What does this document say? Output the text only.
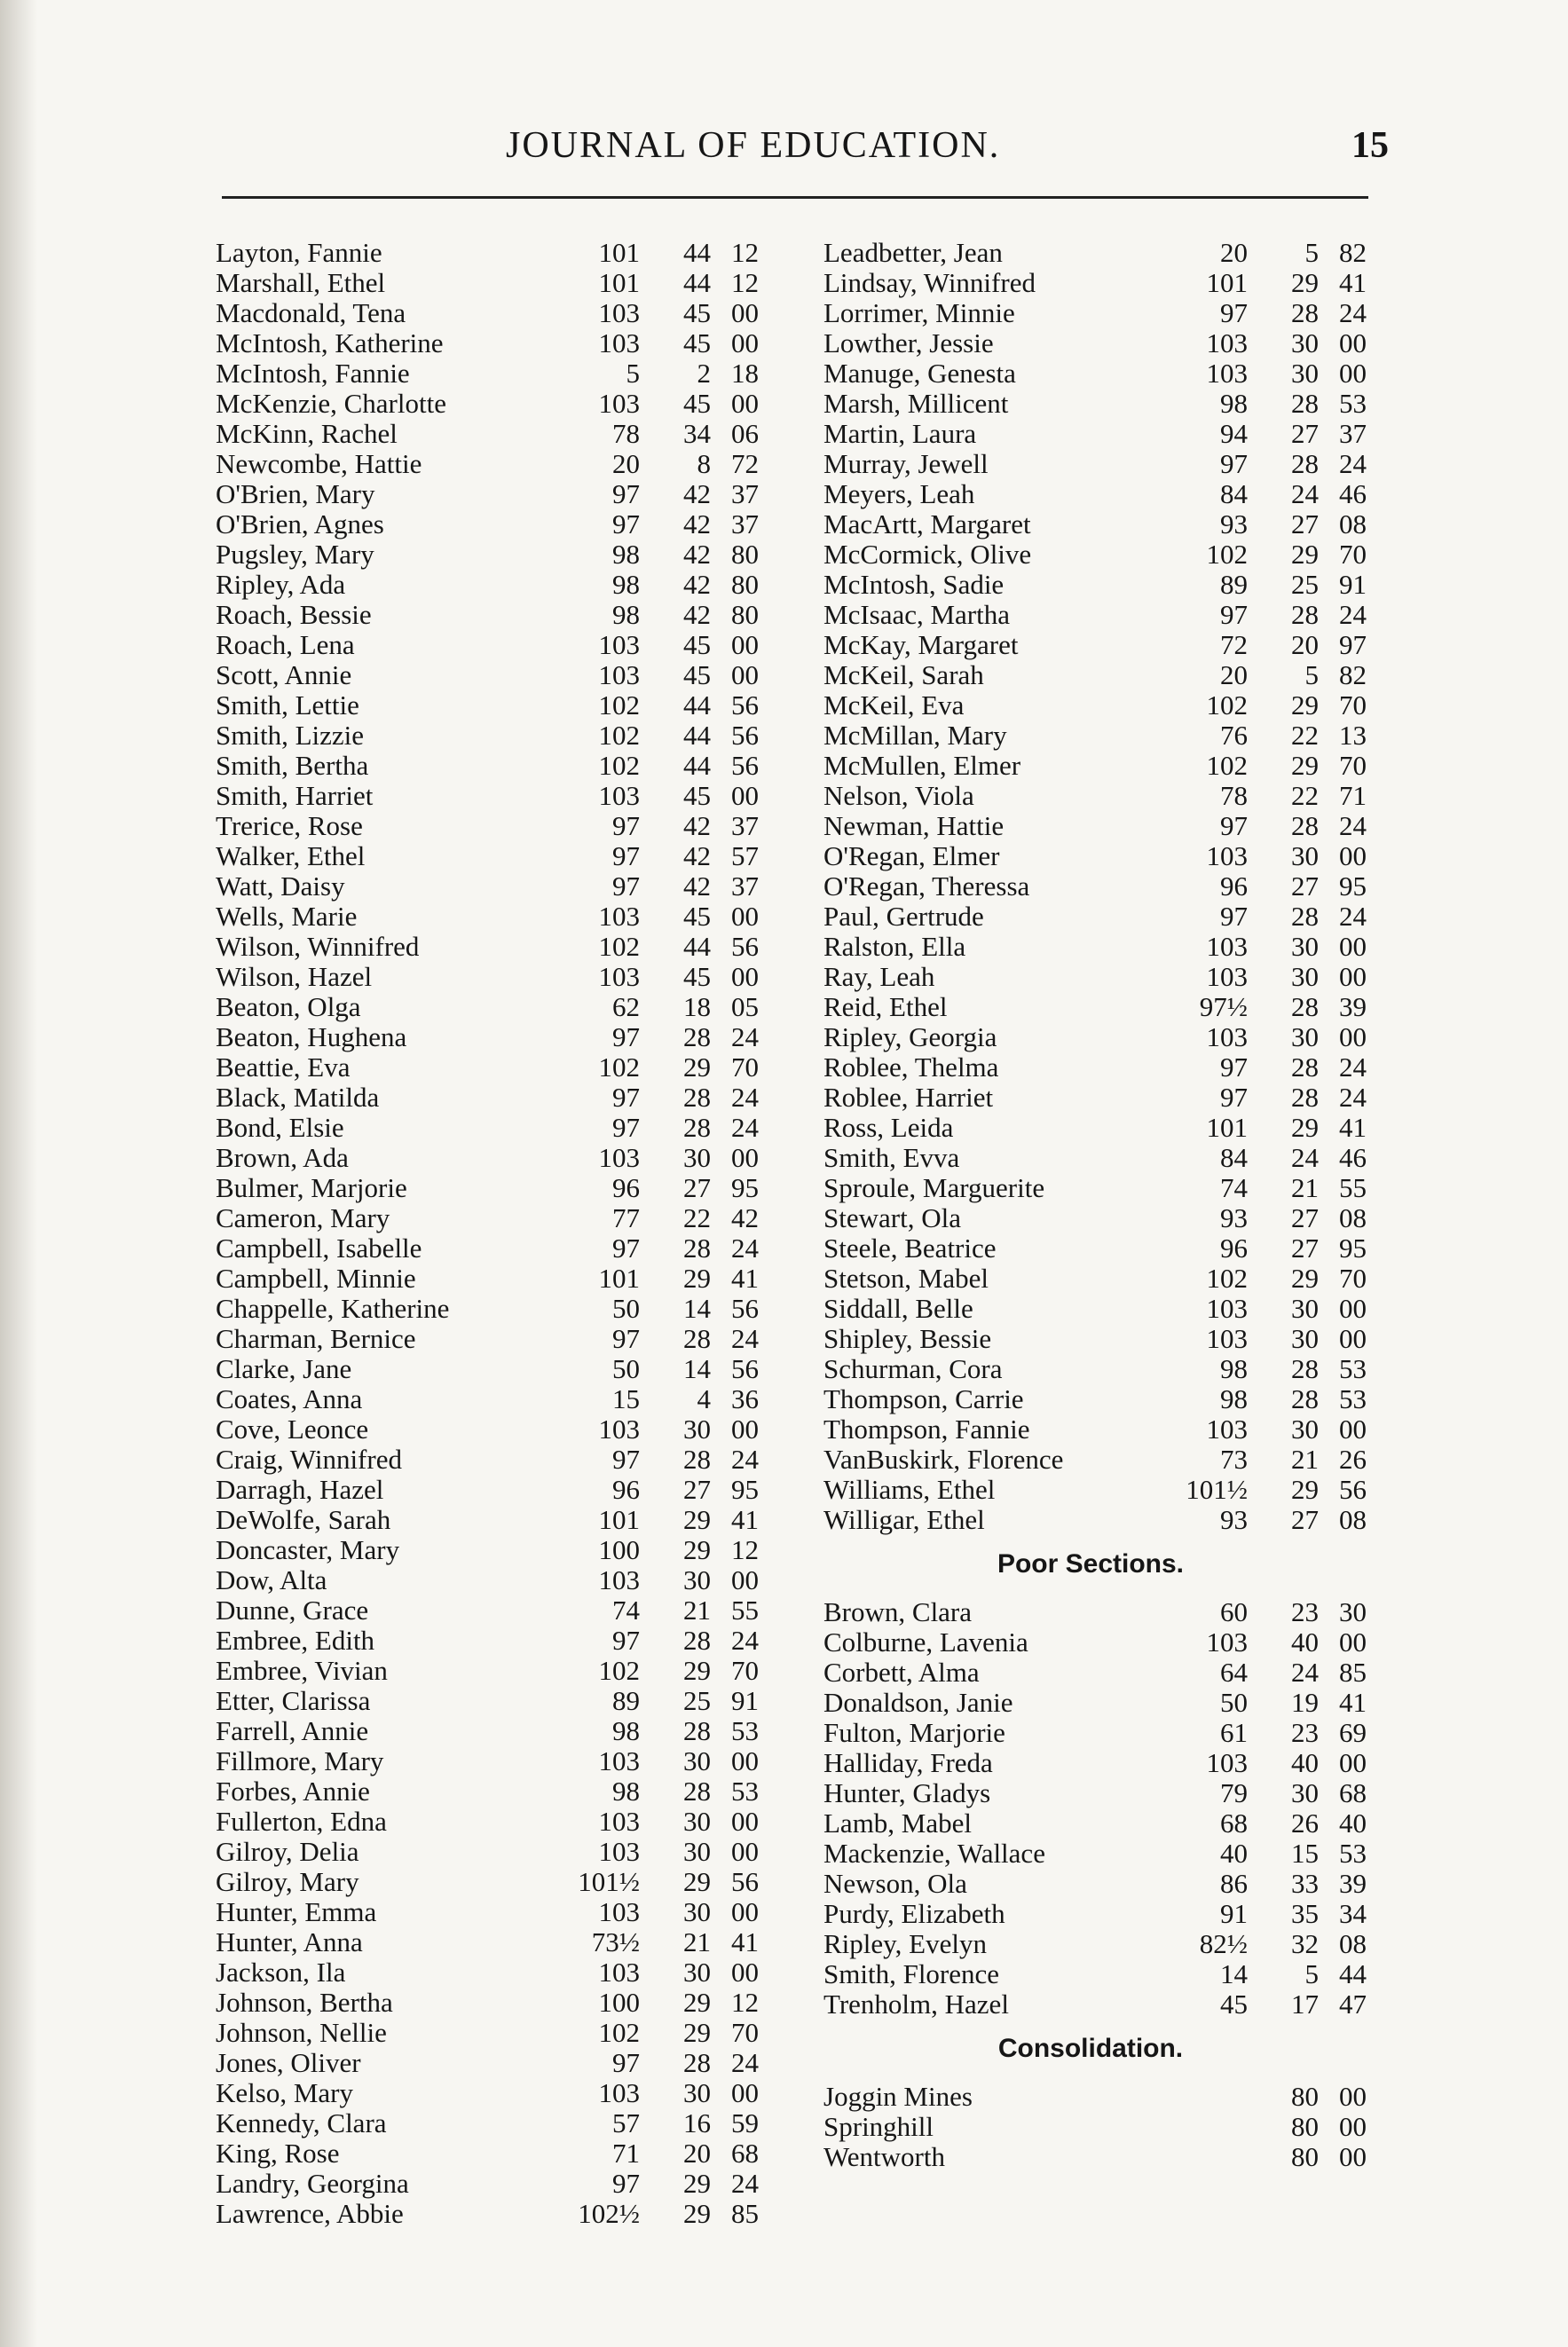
JOURNAL OF EDUCATION.	15
Layton, Fannie	101	44 12
Marshall, Ethel	101	44 12
Macdonald, Tena	103	45 00
McIntosh, Katherine	103	45 00
McIntosh, Fannie	5	2 18
McKenzie, Charlotte	103	45 00
McKinn, Rachel	78	34 06
Newcombe, Hattie	20	8 72
O'Brien, Mary	97	42 37
O'Brien, Agnes	97	42 37
Pugsley, Mary	98	42 80
Ripley, Ada	98	42 80
Roach, Bessie	98	42 80
Roach, Lena	103	45 00
Scott, Annie	103	45 00
Smith, Lettie	102	44 56
Smith, Lizzie	102	44 56
Smith, Bertha	102	44 56
Smith, Harriet	103	45 00
Trerice, Rose	97	42 37
Walker, Ethel	97	42 57
Watt, Daisy	97	42 37
Wells, Marie	103	45 00
Wilson, Winnifred	102	44 56
Wilson, Hazel	103	45 00
Beaton, Olga	62	18 05
Beaton, Hughena	97	28 24
Beattie, Eva	102	29 70
Black, Matilda	97	28 24
Bond, Elsie	97	28 24
Brown, Ada	103	30 00
Bulmer, Marjorie	96	27 95
Cameron, Mary	77	22 42
Campbell, Isabelle	97	28 24
Campbell, Minnie	101	29 41
Chappelle, Katherine	50	14 56
Charman, Bernice	97	28 24
Clarke, Jane	50	14 56
Coates, Anna	15	4 36
Cove, Leonce	103	30 00
Craig, Winnifred	97	28 24
Darragh, Hazel	96	27 95
DeWolfe, Sarah	101	29 41
Doncaster, Mary	100	29 12
Dow, Alta	103	30 00
Dunne, Grace	74	21 55
Embree, Edith	97	28 24
Embree, Vivian	102	29 70
Etter, Clarissa	89	25 91
Farrell, Annie	98	28 53
Fillmore, Mary	103	30 00
Forbes, Annie	98	28 53
Fullerton, Edna	103	30 00
Gilroy, Delia	103	30 00
Gilroy, Mary	101½	29 56
Hunter, Emma	103	30 00
Hunter, Anna	73½	21 41
Jackson, Ila	103	30 00
Johnson, Bertha	100	29 12
Johnson, Nellie	102	29 70
Jones, Oliver	97	28 24
Kelso, Mary	103	30 00
Kennedy, Clara	57	16 59
King, Rose	71	20 68
Landry, Georgina	97	29 24
Lawrence, Abbie	102½	29 85
Leadbetter, Jean	20	5 82
Lindsay, Winnifred	101	29 41
Lorrimer, Minnie	97	28 24
Lowther, Jessie	103	30 00
Manuge, Genesta	103	30 00
Marsh, Millicent	98	28 53
Martin, Laura	94	27 37
Murray, Jewell	97	28 24
Meyers, Leah	84	24 46
MacArtt, Margaret	93	27 08
McCormick, Olive	102	29 70
McIntosh, Sadie	89	25 91
McIsaac, Martha	97	28 24
McKay, Margaret	72	20 97
McKeil, Sarah	20	5 82
McKeil, Eva	102	29 70
McMillan, Mary	76	22 13
McMullen, Elmer	102	29 70
Nelson, Viola	78	22 71
Newman, Hattie	97	28 24
O'Regan, Elmer	103	30 00
O'Regan, Theressa	96	27 95
Paul, Gertrude	97	28 24
Ralston, Ella	103	30 00
Ray, Leah	103	30 00
Reid, Ethel	97½	28 39
Ripley, Georgia	103	30 00
Roblee, Thelma	97	28 24
Roblee, Harriet	97	28 24
Ross, Leida	101	29 41
Smith, Evva	84	24 46
Sproule, Marguerite	74	21 55
Stewart, Ola	93	27 08
Steele, Beatrice	96	27 95
Stetson, Mabel	102	29 70
Siddall, Belle	103	30 00
Shipley, Bessie	103	30 00
Schurman, Cora	98	28 53
Thompson, Carrie	98	28 53
Thompson, Fannie	103	30 00
VanBuskirk, Florence	73	21 26
Williams, Ethel	101½	29 56
Willigar, Ethel	93	27 08
Poor Sections.
Brown, Clara	60	23 30
Colburne, Lavenia	103	40 00
Corbett, Alma	64	24 85
Donaldson, Janie	50	19 41
Fulton, Marjorie	61	23 69
Halliday, Freda	103	40 00
Hunter, Gladys	79	30 68
Lamb, Mabel	68	26 40
Mackenzie, Wallace	40	15 53
Newson, Ola	86	33 39
Purdy, Elizabeth	91	35 34
Ripley, Evelyn	82½	32 08
Smith, Florence	14	5 44
Trenholm, Hazel	45	17 47
Consolidation.
Joggin Mines	80 00
Springhill	80 00
Wentworth	80 00
